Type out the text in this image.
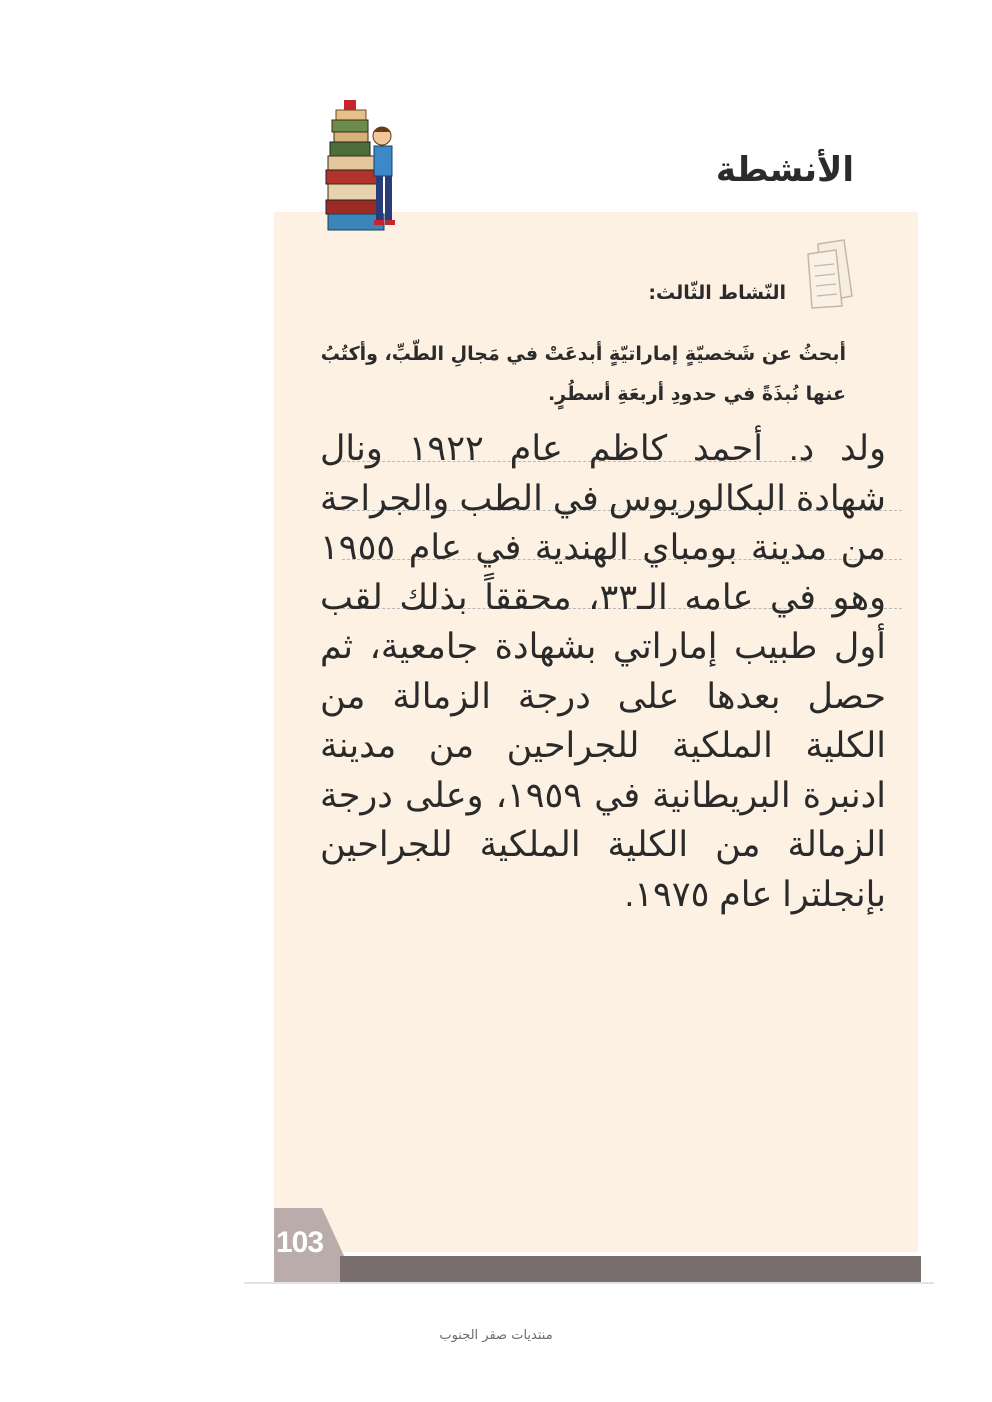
الأنشطة
النّشاط الثّالث:
أبحثُ عن شَخصيّةٍ إماراتيّةٍ أبدعَتْ في مَجالِ الطّبِّ، وأكتُبُ عنها نُبذَةً في حدودِ أربعَةِ أسطُرٍ.
ولد د. أحمد كاظم عام ١٩٢٢ ونال شهادة البكالوريوس في الطب والجراحة من مدينة بومباي الهندية في عام ١٩٥٥ وهو في عامه الـ٣٣، محققاً بذلك لقب أول طبيب إماراتي بشهادة جامعية، ثم حصل بعدها على درجة الزمالة من الكلية الملكية للجراحين من مدينة ادنبرة البريطانية في ١٩٥٩، وعلى درجة الزمالة من الكلية الملكية للجراحين بإنجلترا عام ١٩٧٥.
103
منتديات صقر الجنوب
